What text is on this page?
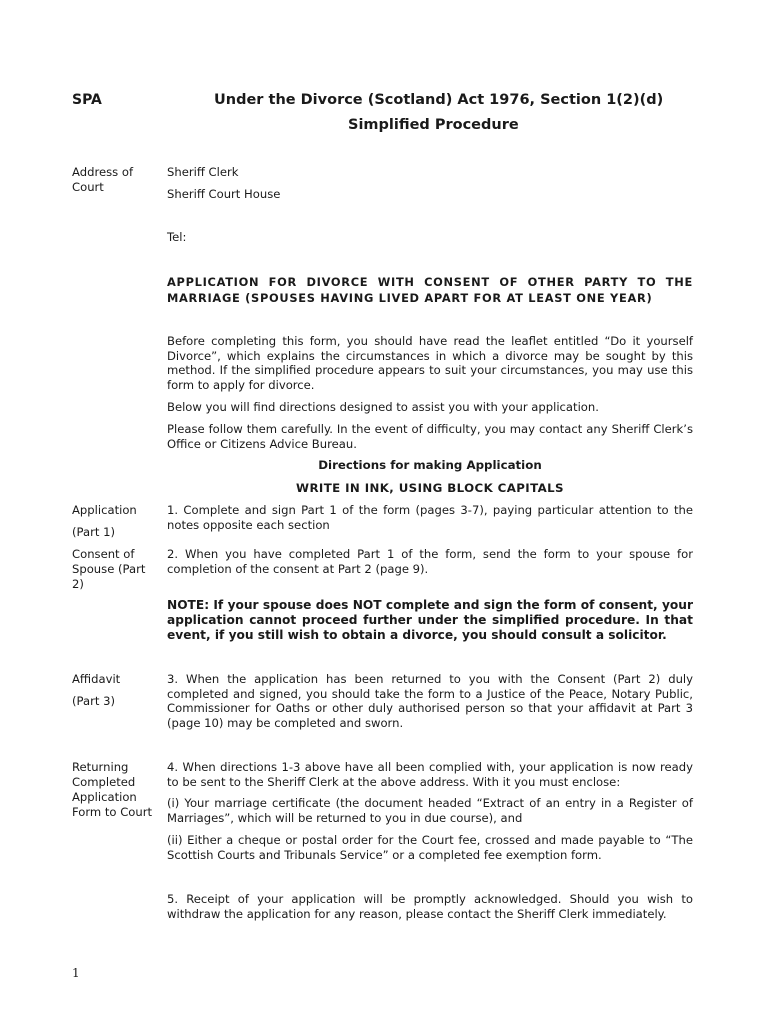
SPA	Under the Divorce (Scotland) Act 1976, Section 1(2)(d)
Simplified Procedure
Address of Court
Sheriff Clerk
Sheriff Court House
Tel:
APPLICATION FOR DIVORCE WITH CONSENT OF OTHER PARTY TO THE MARRIAGE (SPOUSES HAVING LIVED APART FOR AT LEAST ONE YEAR)
Before completing this form, you should have read the leaflet entitled “Do it yourself Divorce”, which explains the circumstances in which a divorce may be sought by this method. If the simplified procedure appears to suit your circumstances, you may use this form to apply for divorce.
Below you will find directions designed to assist you with your application.
Please follow them carefully. In the event of difficulty, you may contact any Sheriff Clerk’s Office or Citizens Advice Bureau.
Directions for making Application
WRITE IN INK, USING BLOCK CAPITALS
Application
(Part 1)
1. Complete and sign Part 1 of the form (pages 3-7), paying particular attention to the notes opposite each section
Consent of Spouse (Part 2)
2. When you have completed Part 1 of the form, send the form to your spouse for completion of the consent at Part 2 (page 9).
NOTE: If your spouse does NOT complete and sign the form of consent, your application cannot proceed further under the simplified procedure. In that event, if you still wish to obtain a divorce, you should consult a solicitor.
Affidavit
(Part 3)
3. When the application has been returned to you with the Consent (Part 2) duly completed and signed, you should take the form to a Justice of the Peace, Notary Public, Commissioner for Oaths or other duly authorised person so that your affidavit at Part 3 (page 10) may be completed and sworn.
Returning Completed Application Form to Court
4. When directions 1-3 above have all been complied with, your application is now ready to be sent to the Sheriff Clerk at the above address. With it you must enclose:
(i) Your marriage certificate (the document headed “Extract of an entry in a Register of Marriages”, which will be returned to you in due course), and
(ii) Either a cheque or postal order for the Court fee, crossed and made payable to “The Scottish Courts and Tribunals Service” or a completed fee exemption form.
5. Receipt of your application will be promptly acknowledged. Should you wish to withdraw the application for any reason, please contact the Sheriff Clerk immediately.
1
